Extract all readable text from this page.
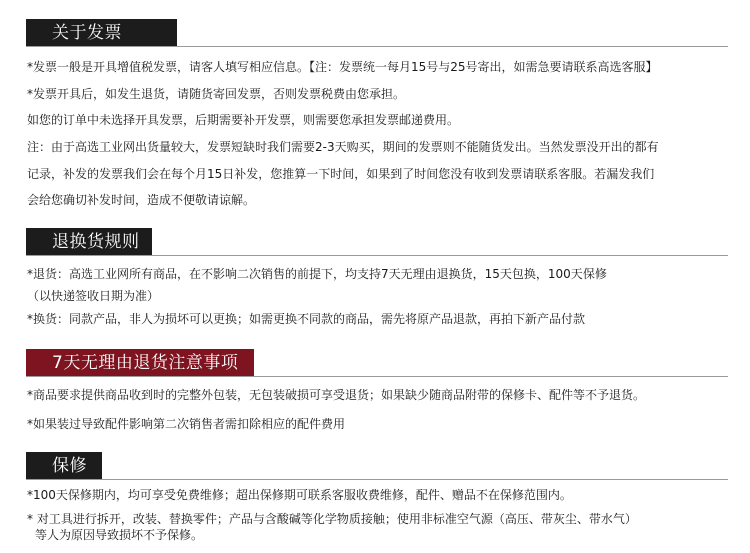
关于发票
*发票一般是开具增值税发票，请客人填写相应信息。【注：发票统一每月15号与25号寄出，如需急要请联系高选客服】
*发票开具后，如发生退货，请随货寄回发票，否则发票税费由您承担。
如您的订单中未选择开具发票，后期需要补开发票，则需要您承担发票邮递费用。
注：由于高选工业网出货量较大，发票短缺时我们需要2-3天购买，期间的发票则不能随货发出。当然发票没开出的都有
记录，补发的发票我们会在每个月15日补发，您推算一下时间，如果到了时间您没有收到发票请联系客服。若漏发我们
会给您确切补发时间，造成不便敬请谅解。
退换货规则
*退货：高选工业网所有商品，在不影响二次销售的前提下，均支持7天无理由退换货，15天包换，100天保修
（以快递签收日期为准）
*换货：同款产品，非人为损坏可以更换；如需更换不同款的商品，需先将原产品退款，再拍下新产品付款
7天无理由退货注意事项
*商品要求提供商品收到时的完整外包装，无包装破损可享受退货；如果缺少随商品附带的保修卡、配件等不予退货。
*如果装过导致配件影响第二次销售者需扣除相应的配件费用
保修
*100天保修期内，均可享受免费维修；超出保修期可联系客服收费维修，配件、赠品不在保修范围内。
* 对工具进行拆开，改装、替换零件；产品与含酸碱等化学物质接触；使用非标准空气源（高压、带灰尘、带水气）
等人为原因导致损坏不予保修。
